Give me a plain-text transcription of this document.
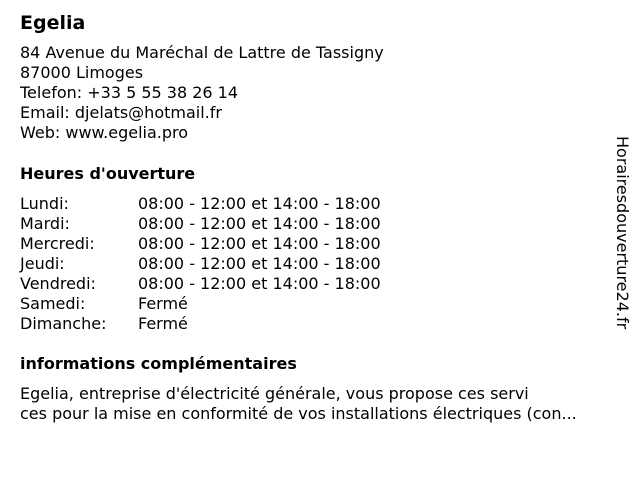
Egelia
84 Avenue du Maréchal de Lattre de Tassigny
87000 Limoges
Telefon: +33 5 55 38 26 14
Email: djelats@hotmail.fr
Web: www.egelia.pro
Heures d'ouverture
Lundi:	08:00 - 12:00 et 14:00 - 18:00
Mardi:	08:00 - 12:00 et 14:00 - 18:00
Mercredi:	08:00 - 12:00 et 14:00 - 18:00
Jeudi:	08:00 - 12:00 et 14:00 - 18:00
Vendredi:	08:00 - 12:00 et 14:00 - 18:00
Samedi:	Fermé
Dimanche: Fermé
informations complémentaires
Egelia, entreprise d'électricité générale, vous propose ces servi
ces pour la mise en conformité de vos installations électriques (con...
Horairesdouverture24.fr
